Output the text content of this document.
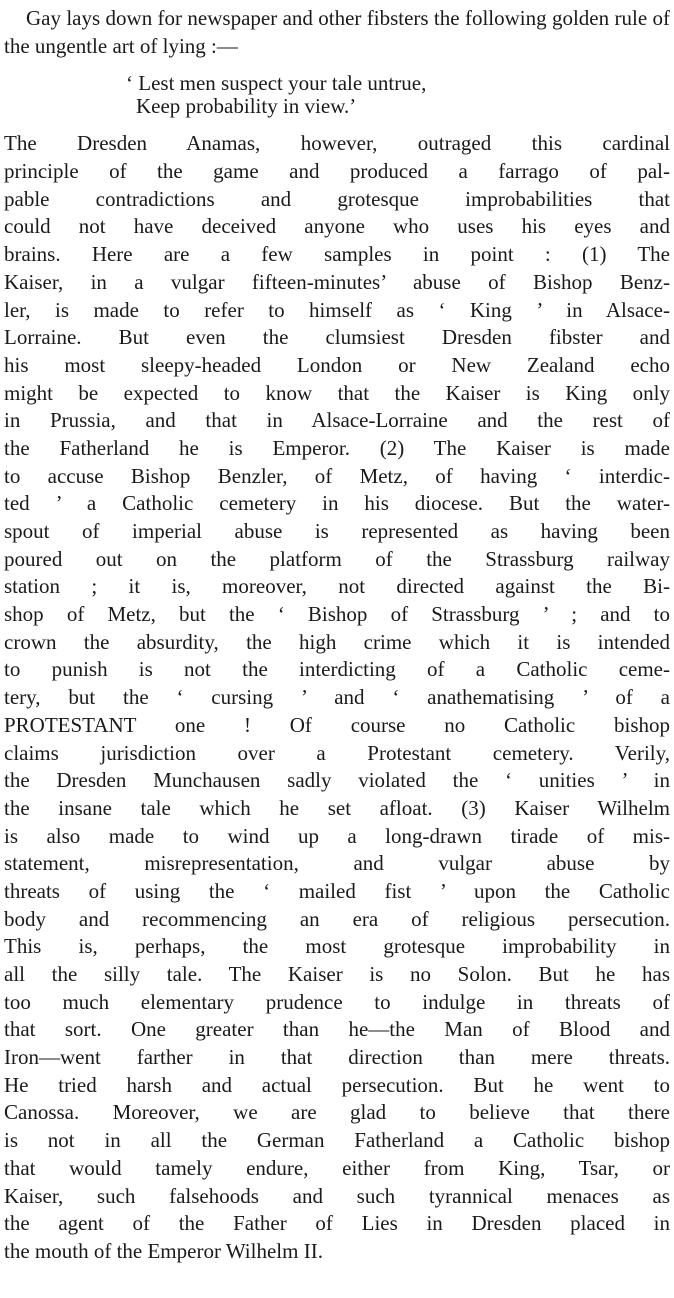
Gay lays down for newspaper and other fibsters the following golden rule of the ungentle art of lying :—

‘ Lest men suspect your tale untrue,
Keep probability in view.’
The Dresden Anamas, however, outraged this cardinal
principle of the game and produced a farrago of pal-
pable contradictions and grotesque improbabilities that
could not have deceived anyone who uses his eyes and
brains. Here are a few samples in point : (1) The
Kaiser, in a vulgar fifteen-minutes’ abuse of Bishop Benz-
ler, is made to refer to himself as ‘ King ’ in Alsace-
Lorraine. But even the clumsiest Dresden fibster and
his most sleepy-headed London or New Zealand echo
might be expected to know that the Kaiser is King only
in Prussia, and that in Alsace-Lorraine and the rest of
the Fatherland he is Emperor. (2) The Kaiser is made
to accuse Bishop Benzler, of Metz, of having ‘ interdic-
ted ’ a Catholic cemetery in his diocese. But the water-
spout of imperial abuse is represented as having been
poured out on the platform of the Strassburg railway
station ; it is, moreover, not directed against the Bi-
shop of Metz, but the ‘ Bishop of Strassburg ’ ; and to
crown the absurdity, the high crime which it is intended
to punish is not the interdicting of a Catholic ceme-
tery, but the ‘ cursing ’ and ‘ anathematising ’ of a
PROTESTANT one ! Of course no Catholic bishop
claims jurisdiction over a Protestant cemetery. Verily,
the Dresden Munchausen sadly violated the ‘ unities ’ in
the insane tale which he set afloat. (3) Kaiser Wilhelm
is also made to wind up a long-drawn tirade of mis-
statement, misrepresentation, and vulgar abuse by
threats of using the ‘ mailed fist ’ upon the Catholic
body and recommencing an era of religious persecution.
This is, perhaps, the most grotesque improbability in
all the silly tale. The Kaiser is no Solon. But he has
too much elementary prudence to indulge in threats of
that sort. One greater than he—the Man of Blood and
Iron—went farther in that direction than mere threats.
He tried harsh and actual persecution. But he went to
Canossa. Moreover, we are glad to believe that there
is not in all the German Fatherland a Catholic bishop
that would tamely endure, either from King, Tsar, or
Kaiser, such falsehoods and such tyrannical menaces as
the agent of the Father of Lies in Dresden placed in
the mouth of the Emperor Wilhelm II.
